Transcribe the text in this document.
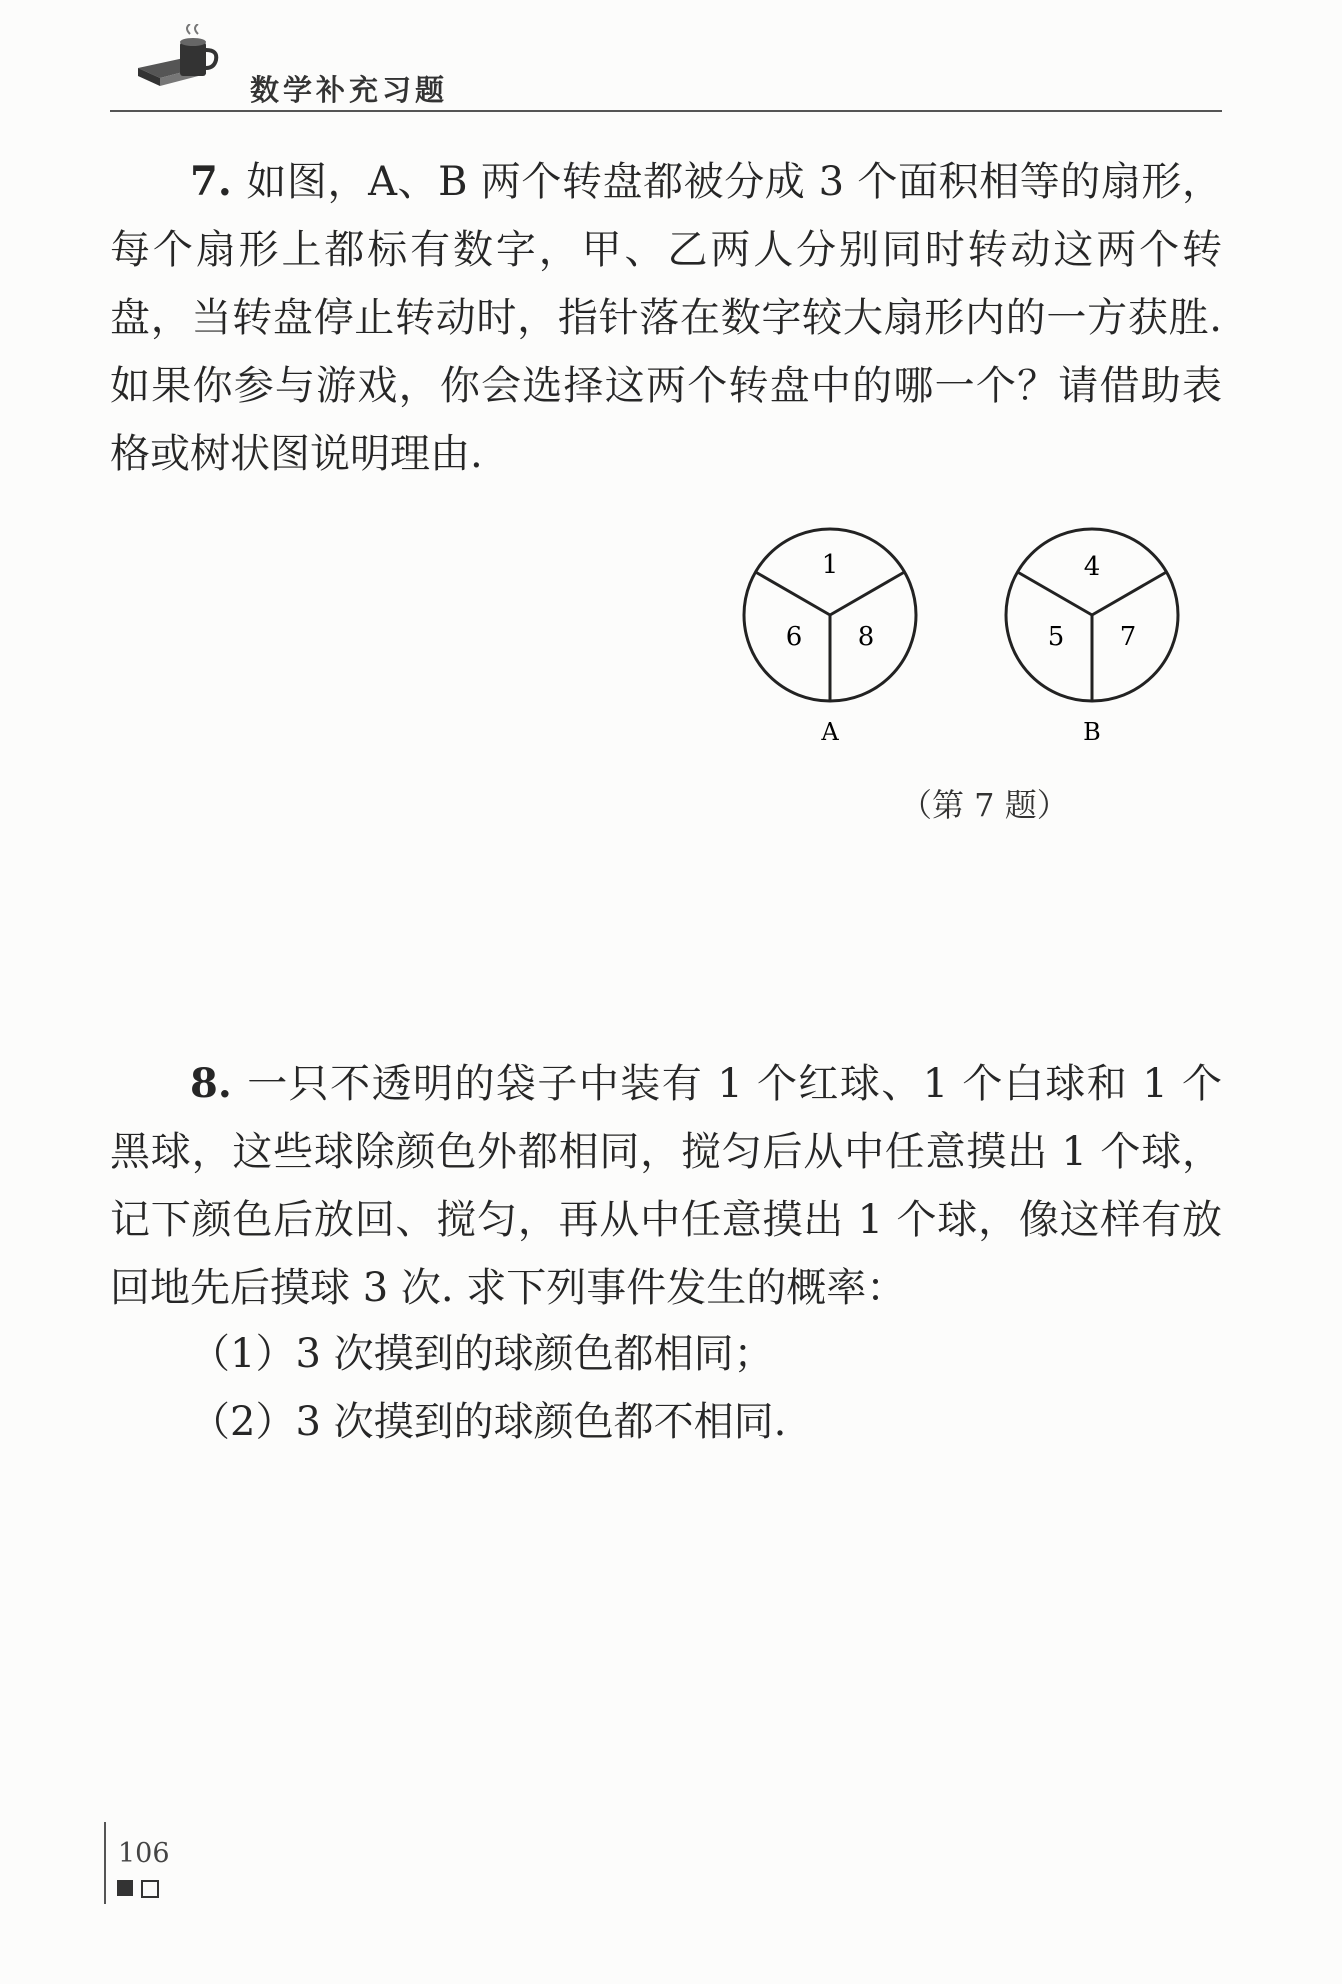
数学补充习题
7. 如图，A、B 两个转盘都被分成 3 个面积相等的扇形，每个扇形上都标有数字，甲、乙两人分别同时转动这两个转盘，当转盘停止转动时，指针落在数字较大扇形内的一方获胜. 如果你参与游戏，你会选择这两个转盘中的哪一个？请借助表格或树状图说明理由.
1
6 8
A
4
5 7
B
（第 7 题）
8. 一只不透明的袋子中装有 1 个红球、1 个白球和 1 个黑球，这些球除颜色外都相同，搅匀后从中任意摸出 1 个球，记下颜色后放回、搅匀，再从中任意摸出 1 个球，像这样有放回地先后摸球 3 次. 求下列事件发生的概率：
（1）3 次摸到的球颜色都相同；
（2）3 次摸到的球颜色都不相同.
106
